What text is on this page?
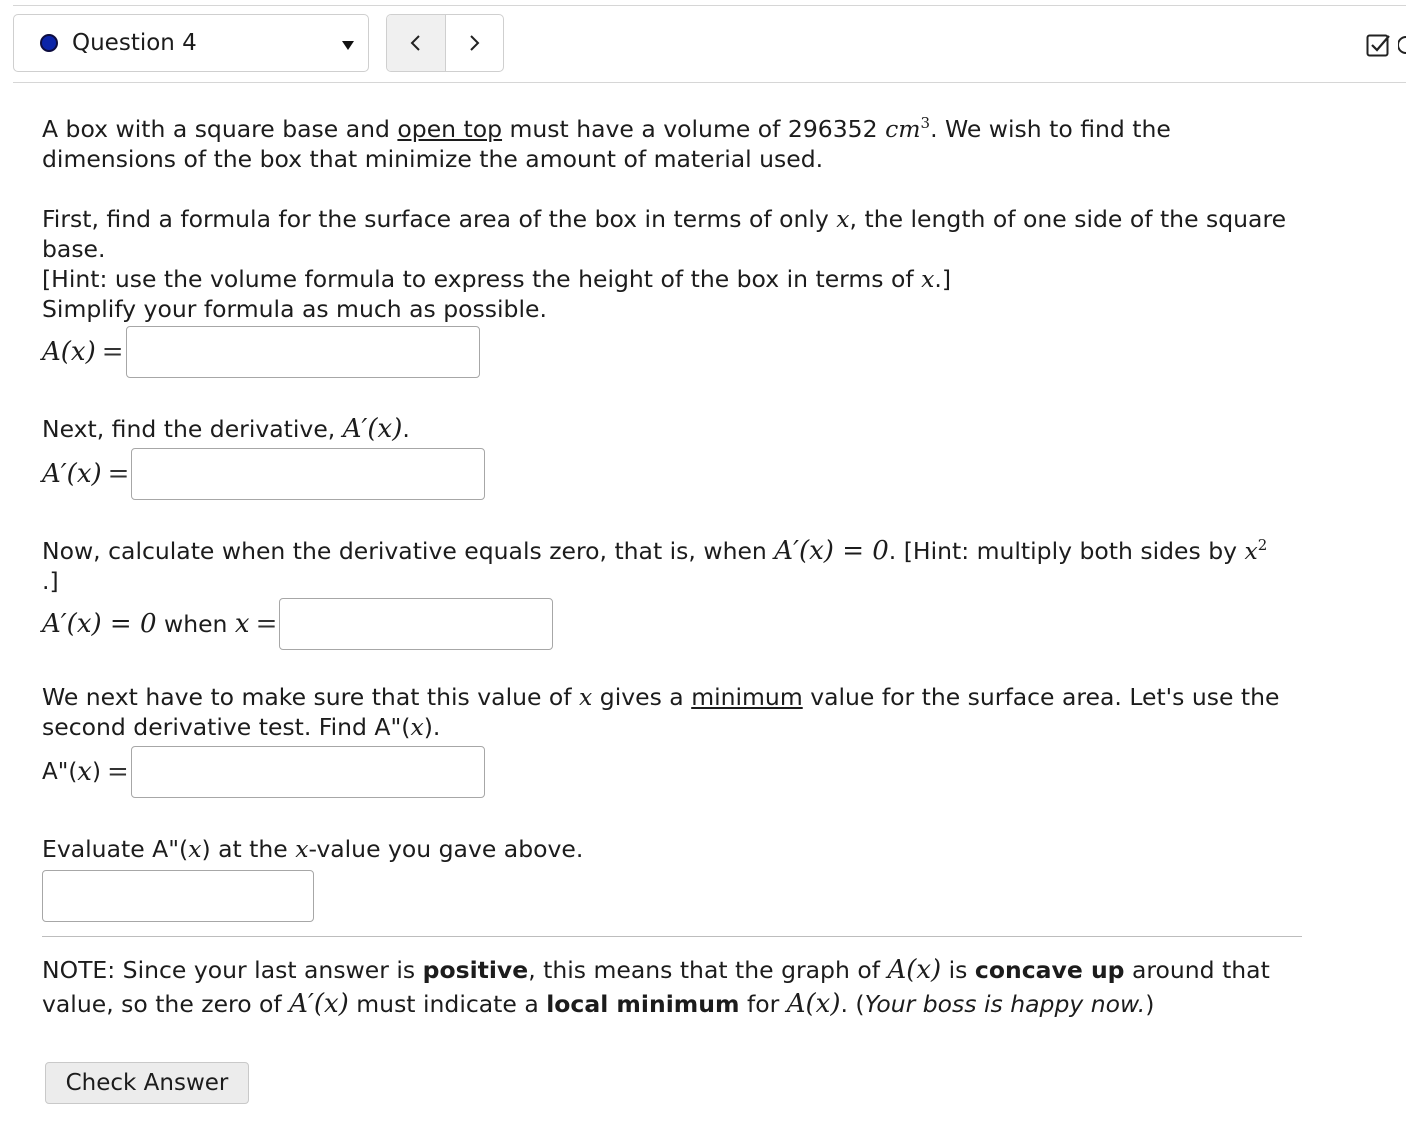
Question 4

A box with a square base and open top must have a volume of 296352 $cm^3$. We wish to find the dimensions of the box that minimize the amount of material used.

First, find a formula for the surface area of the box in terms of only x, the length of one side of the square base.

[Hint: use the volume formula to express the height of the box in terms of x.]

Simplify your formula as much as possible.

A(x) =

Next, find the derivative, A′(x).

A′(x) =

Now, calculate when the derivative equals zero, that is, when A′(x) = 0. [Hint: multiply both sides by $x^2$
.]

A′(x) = 0 when x =

We next have to make sure that this value of x gives a minimum value for the surface area. Let's use the second derivative test. Find A"(x).

A"( x ) =

Evaluate A"(x) at the x-value you gave above.

NOTE: Since your last answer is positive, this means that the graph of A(x) is concave up around that value, so the zero of A′(x) must indicate a local minimum for A(x). (Your boss is happy now.)

Check Answer
